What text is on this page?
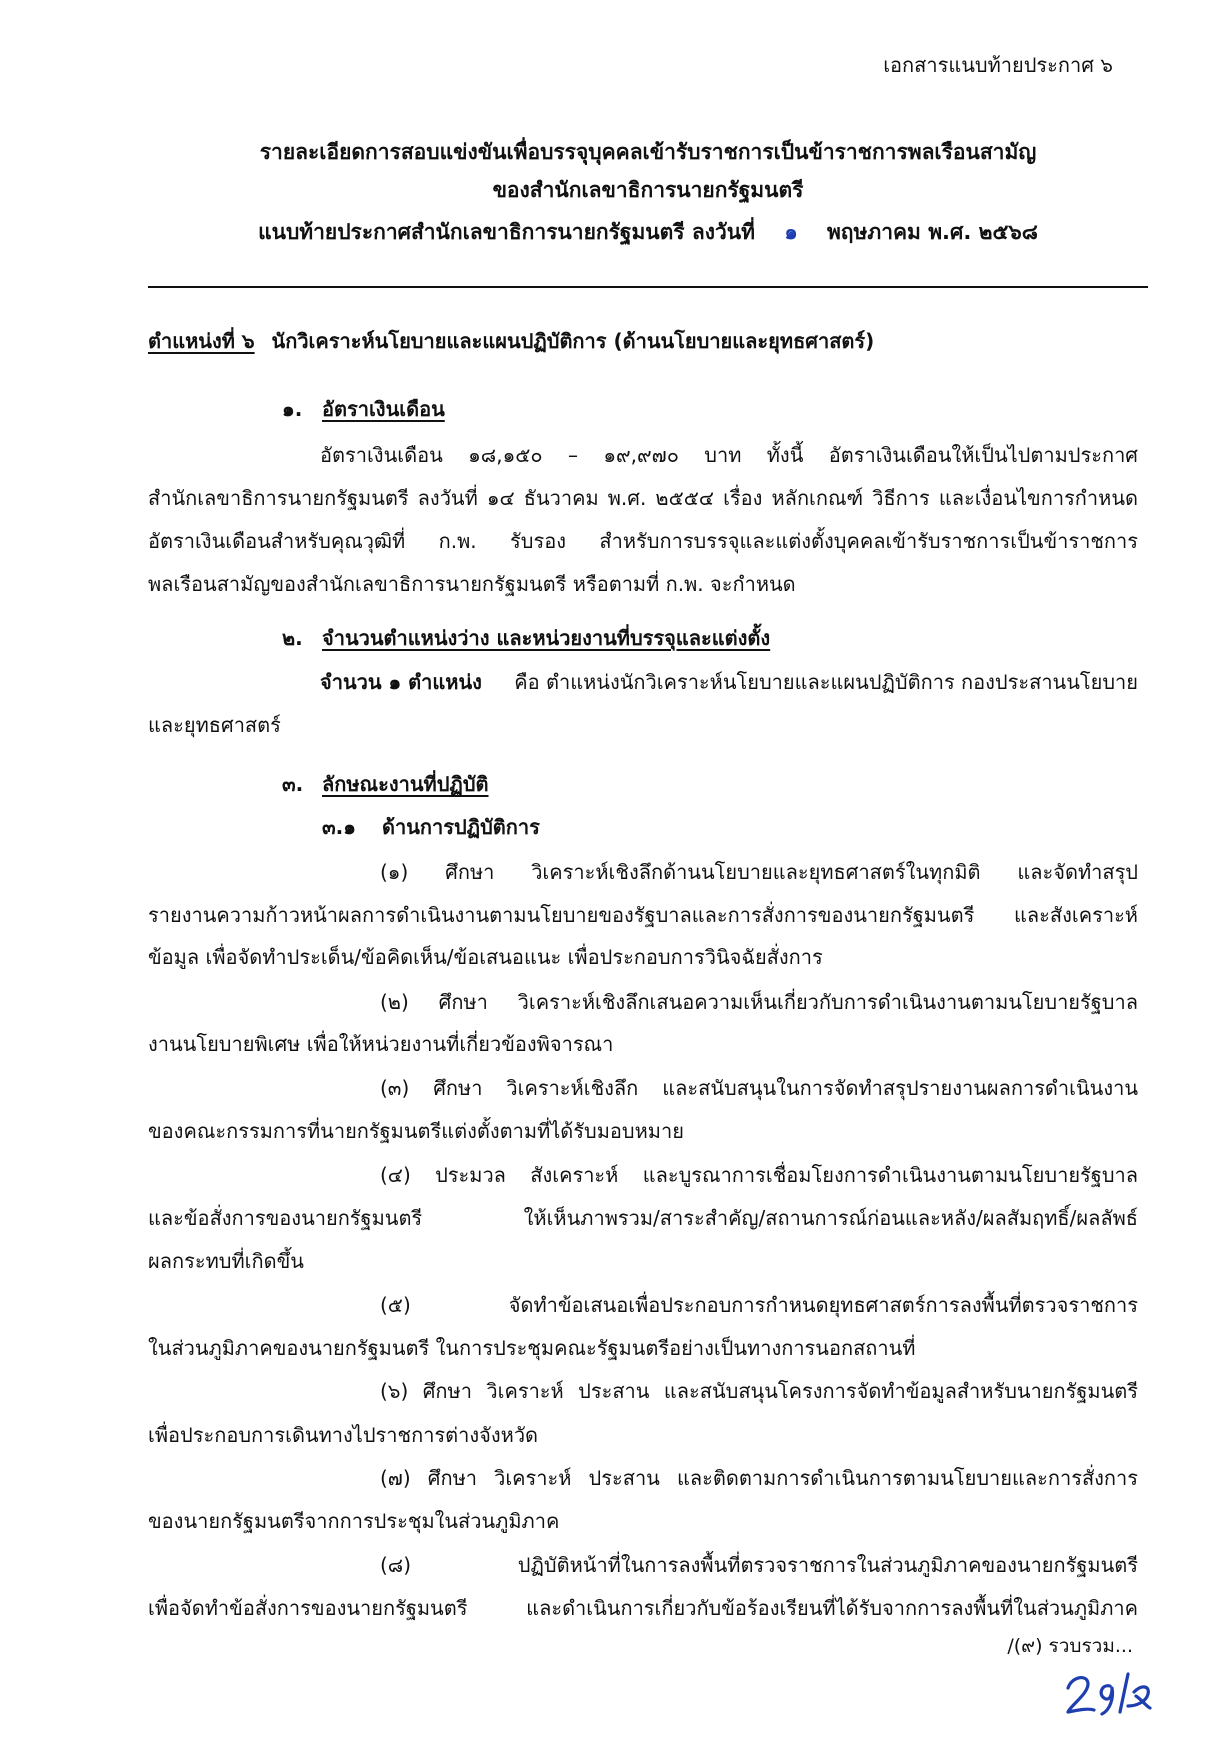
เอกสารแนบท้ายประกาศ ๖
รายละเอียดการสอบแข่งขันเพื่อบรรจุบุคคลเข้ารับราชการเป็นข้าราชการพลเรือนสามัญ
ของสำนักเลขาธิการนายกรัฐมนตรี
แนบท้ายประกาศสำนักเลขาธิการนายกรัฐมนตรี ลงวันที่ ๑ พฤษภาคม พ.ศ. ๒๕๖๘
ตำแหน่งที่ ๖ นักวิเคราะห์นโยบายและแผนปฏิบัติการ (ด้านนโยบายและยุทธศาสตร์)
๑. อัตราเงินเดือน
อัตราเงินเดือน ๑๘,๑๕๐ – ๑๙,๙๗๐ บาท ทั้งนี้ อัตราเงินเดือนให้เป็นไปตามประกาศ
สำนักเลขาธิการนายกรัฐมนตรี ลงวันที่ ๑๔ ธันวาคม พ.ศ. ๒๕๕๔ เรื่อง หลักเกณฑ์ วิธีการ และเงื่อนไขการกำหนด
อัตราเงินเดือนสำหรับคุณวุฒิที่ ก.พ. รับรอง สำหรับการบรรจุและแต่งตั้งบุคคลเข้ารับราชการเป็นข้าราชการ
พลเรือนสามัญของสำนักเลขาธิการนายกรัฐมนตรี หรือตามที่ ก.พ. จะกำหนด
๒. จำนวนตำแหน่งว่าง และหน่วยงานที่บรรจุและแต่งตั้ง
จำนวน ๑ ตำแหน่ง คือ ตำแหน่งนักวิเคราะห์นโยบายและแผนปฏิบัติการ กองประสานนโยบาย
และยุทธศาสตร์
๓. ลักษณะงานที่ปฏิบัติ
๓.๑ ด้านการปฏิบัติการ
(๑) ศึกษา วิเคราะห์เชิงลึกด้านนโยบายและยุทธศาสตร์ในทุกมิติ และจัดทำสรุป
รายงานความก้าวหน้าผลการดำเนินงานตามนโยบายของรัฐบาลและการสั่งการของนายกรัฐมนตรี และสังเคราะห์
ข้อมูล เพื่อจัดทำประเด็น/ข้อคิดเห็น/ข้อเสนอแนะ เพื่อประกอบการวินิจฉัยสั่งการ
(๒) ศึกษา วิเคราะห์เชิงลึกเสนอความเห็นเกี่ยวกับการดำเนินงานตามนโยบายรัฐบาล
งานนโยบายพิเศษ เพื่อให้หน่วยงานที่เกี่ยวข้องพิจารณา
(๓) ศึกษา วิเคราะห์เชิงลึก และสนับสนุนในการจัดทำสรุปรายงานผลการดำเนินงาน
ของคณะกรรมการที่นายกรัฐมนตรีแต่งตั้งตามที่ได้รับมอบหมาย
(๔) ประมวล สังเคราะห์ และบูรณาการเชื่อมโยงการดำเนินงานตามนโยบายรัฐบาล
และข้อสั่งการของนายกรัฐมนตรี ให้เห็นภาพรวม/สาระสำคัญ/สถานการณ์ก่อนและหลัง/ผลสัมฤทธิ์/ผลลัพธ์
ผลกระทบที่เกิดขึ้น
(๕) จัดทำข้อเสนอเพื่อประกอบการกำหนดยุทธศาสตร์การลงพื้นที่ตรวจราชการ
ในส่วนภูมิภาคของนายกรัฐมนตรี ในการประชุมคณะรัฐมนตรีอย่างเป็นทางการนอกสถานที่
(๖) ศึกษา วิเคราะห์ ประสาน และสนับสนุนโครงการจัดทำข้อมูลสำหรับนายกรัฐมนตรี
เพื่อประกอบการเดินทางไปราชการต่างจังหวัด
(๗) ศึกษา วิเคราะห์ ประสาน และติดตามการดำเนินการตามนโยบายและการสั่งการ
ของนายกรัฐมนตรีจากการประชุมในส่วนภูมิภาค
(๘) ปฏิบัติหน้าที่ในการลงพื้นที่ตรวจราชการในส่วนภูมิภาคของนายกรัฐมนตรี
เพื่อจัดทำข้อสั่งการของนายกรัฐมนตรี และดำเนินการเกี่ยวกับข้อร้องเรียนที่ได้รับจากการลงพื้นที่ในส่วนภูมิภาค
/(๙) รวบรวม...
